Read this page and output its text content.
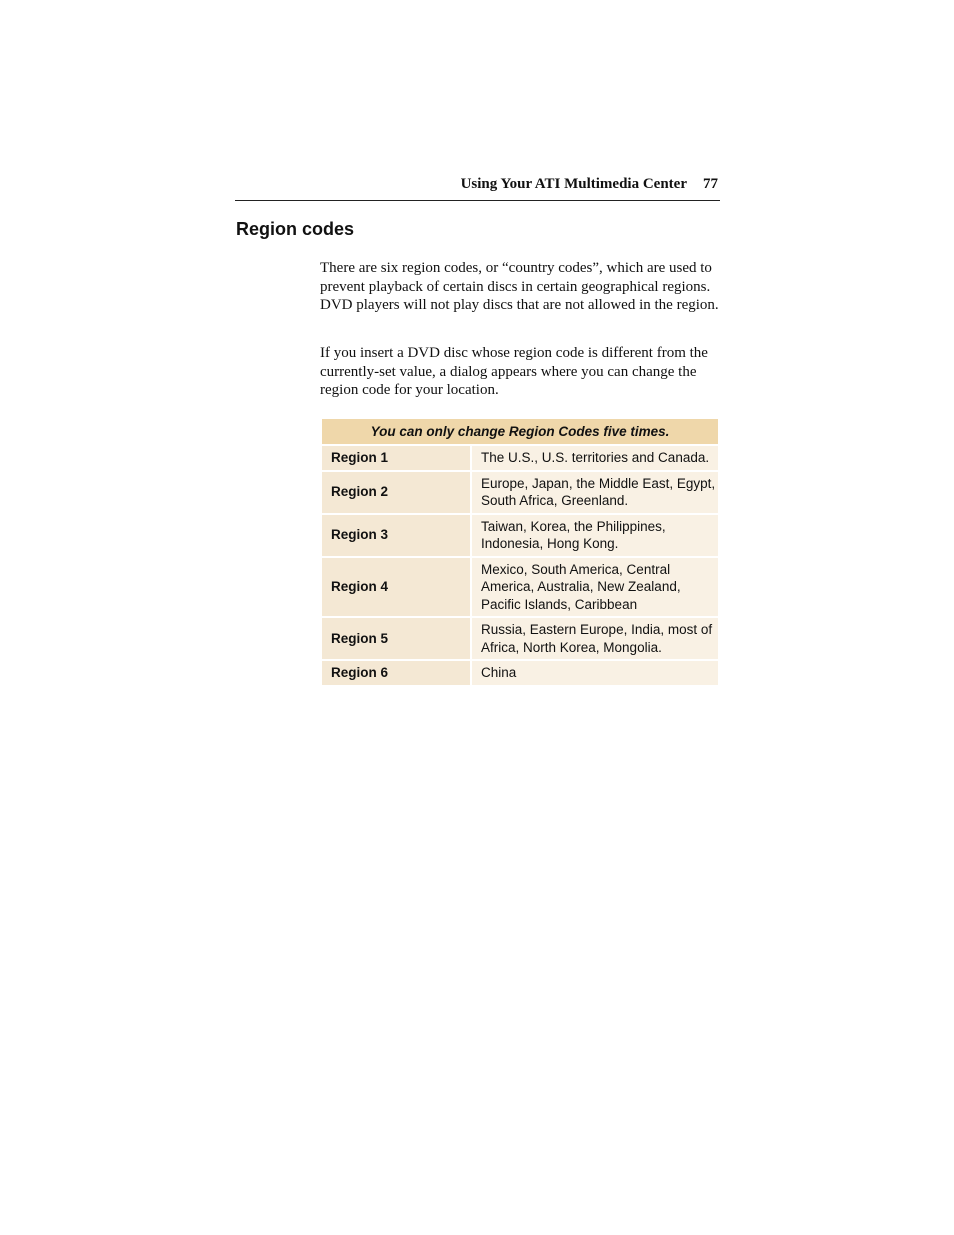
Using Your ATI Multimedia Center 77
Region codes

There are six region codes, or “country codes”, which are used to prevent playback of certain discs in certain geographical regions. DVD players will not play discs that are not allowed in the region.

If you insert a DVD disc whose region code is different from the currently-set value, a dialog appears where you can change the region code for your location.

You can only change Region Codes five times.	
Region 1	The U.S., U.S. territories and Canada.
Region 2	Europe, Japan, the Middle East, Egypt, South Africa, Greenland.
Region 3	Taiwan, Korea, the Philippines, Indonesia, Hong Kong.
Region 4	Mexico, South America, Central America, Australia, New Zealand, Pacific Islands, Caribbean
Region 5	Russia, Eastern Europe, India, most of Africa, North Korea, Mongolia.
Region 6	China
